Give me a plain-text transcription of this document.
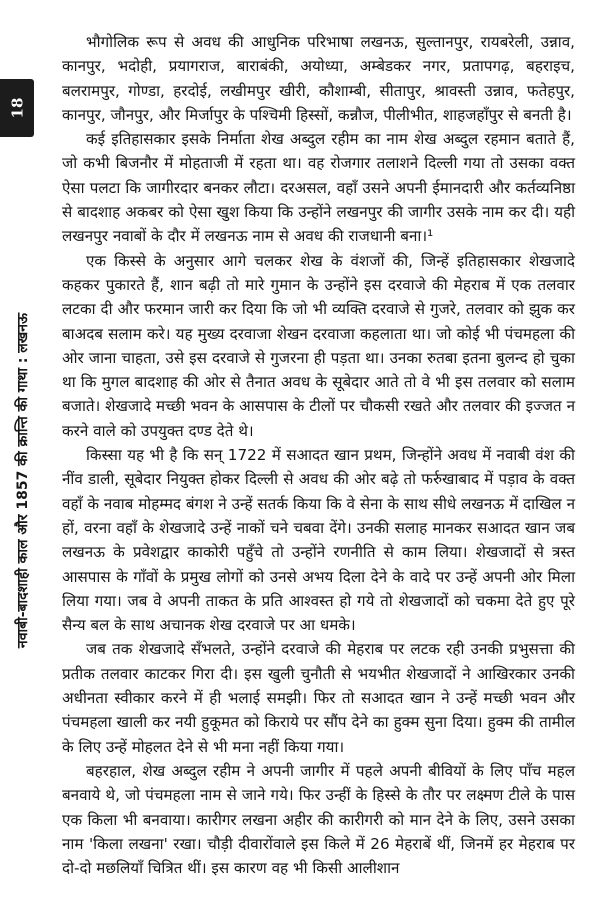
18
नवाबी-बादशाही काल और 1857 की क्रान्ति की गाथा : लखनऊ

भौगोलिक रूप से अवध की आधुनिक परिभाषा लखनऊ, सुल्तानपुर, रायबरेली, उन्नाव, कानपुर, भदोही, प्रयागराज, बाराबंकी, अयोध्या, अम्बेडकर नगर, प्रतापगढ़, बहराइच, बलरामपुर, गोण्डा, हरदोई, लखीमपुर खीरी, कौशाम्बी, सीतापुर, श्रावस्ती उन्नाव, फतेहपुर, कानपुर, जौनपुर, और मिर्जापुर के पश्चिमी हिस्सों, कन्नौज, पीलीभीत, शाहजहाँपुर से बनती है।

कई इतिहासकार इसके निर्माता शेख अब्दुल रहीम का नाम शेख अब्दुल रहमान बताते हैं, जो कभी बिजनौर में मोहताजी में रहता था। वह रोजगार तलाशने दिल्ली गया तो उसका वक्त ऐसा पलटा कि जागीरदार बनकर लौटा। दरअसल, वहाँ उसने अपनी ईमानदारी और कर्तव्यनिष्ठा से बादशाह अकबर को ऐसा खुश किया कि उन्होंने लखनपुर की जागीर उसके नाम कर दी। यही लखनपुर नवाबों के दौर में लखनऊ नाम से अवध की राजधानी बना।¹

एक किस्से के अनुसार आगे चलकर शेख के वंशजों की, जिन्हें इतिहासकार शेखजादे कहकर पुकारते हैं, शान बढ़ी तो मारे गुमान के उन्होंने इस दरवाजे की मेहराब में एक तलवार लटका दी और फरमान जारी कर दिया कि जो भी व्यक्ति दरवाजे से गुजरे, तलवार को झुक कर बाअदब सलाम करे। यह मुख्य दरवाजा शेखन दरवाजा कहलाता था। जो कोई भी पंचमहला की ओर जाना चाहता, उसे इस दरवाजे से गुजरना ही पड़ता था। उनका रुतबा इतना बुलन्द हो चुका था कि मुगल बादशाह की ओर से तैनात अवध के सूबेदार आते तो वे भी इस तलवार को सलाम बजाते। शेखजादे मच्छी भवन के आसपास के टीलों पर चौकसी रखते और तलवार की इज्जत न करने वाले को उपयुक्त दण्ड देते थे।

किस्सा यह भी है कि सन् 1722 में सआदत खान प्रथम, जिन्होंने अवध में नवाबी वंश की नींव डाली, सूबेदार नियुक्त होकर दिल्ली से अवध की ओर बढ़े तो फर्रुखाबाद में पड़ाव के वक्त वहाँ के नवाब मोहम्मद बंगश ने उन्हें सतर्क किया कि वे सेना के साथ सीधे लखनऊ में दाखिल न हों, वरना वहाँ के शेखजादे उन्हें नाकों चने चबवा देंगे। उनकी सलाह मानकर सआदत खान जब लखनऊ के प्रवेशद्वार काकोरी पहुँचे तो उन्होंने रणनीति से काम लिया। शेखजादों से त्रस्त आसपास के गाँवों के प्रमुख लोगों को उनसे अभय दिला देने के वादे पर उन्हें अपनी ओर मिला लिया गया। जब वे अपनी ताकत के प्रति आश्वस्त हो गये तो शेखजादों को चकमा देते हुए पूरे सैन्य बल के साथ अचानक शेख दरवाजे पर आ धमके।

जब तक शेखजादे सँभलते, उन्होंने दरवाजे की मेहराब पर लटक रही उनकी प्रभुसत्ता की प्रतीक तलवार काटकर गिरा दी। इस खुली चुनौती से भयभीत शेखजादों ने आखिरकार उनकी अधीनता स्वीकार करने में ही भलाई समझी। फिर तो सआदत खान ने उन्हें मच्छी भवन और पंचमहला खाली कर नयी हुकूमत को किराये पर सौंप देने का हुक्म सुना दिया। हुक्म की तामील के लिए उन्हें मोहलत देने से भी मना नहीं किया गया।

बहरहाल, शेख अब्दुल रहीम ने अपनी जागीर में पहले अपनी बीवियों के लिए पाँच महल बनवाये थे, जो पंचमहला नाम से जाने गये। फिर उन्हीं के हिस्से के तौर पर लक्ष्मण टीले के पास एक किला भी बनवाया। कारीगर लखना अहीर की कारीगरी को मान देने के लिए, उसने उसका नाम 'किला लखना' रखा। चौड़ी दीवारोंवाले इस किले में 26 मेहराबें थीं, जिनमें हर मेहराब पर दो-दो मछलियाँ चित्रित थीं। इस कारण वह भी किसी आलीशान
